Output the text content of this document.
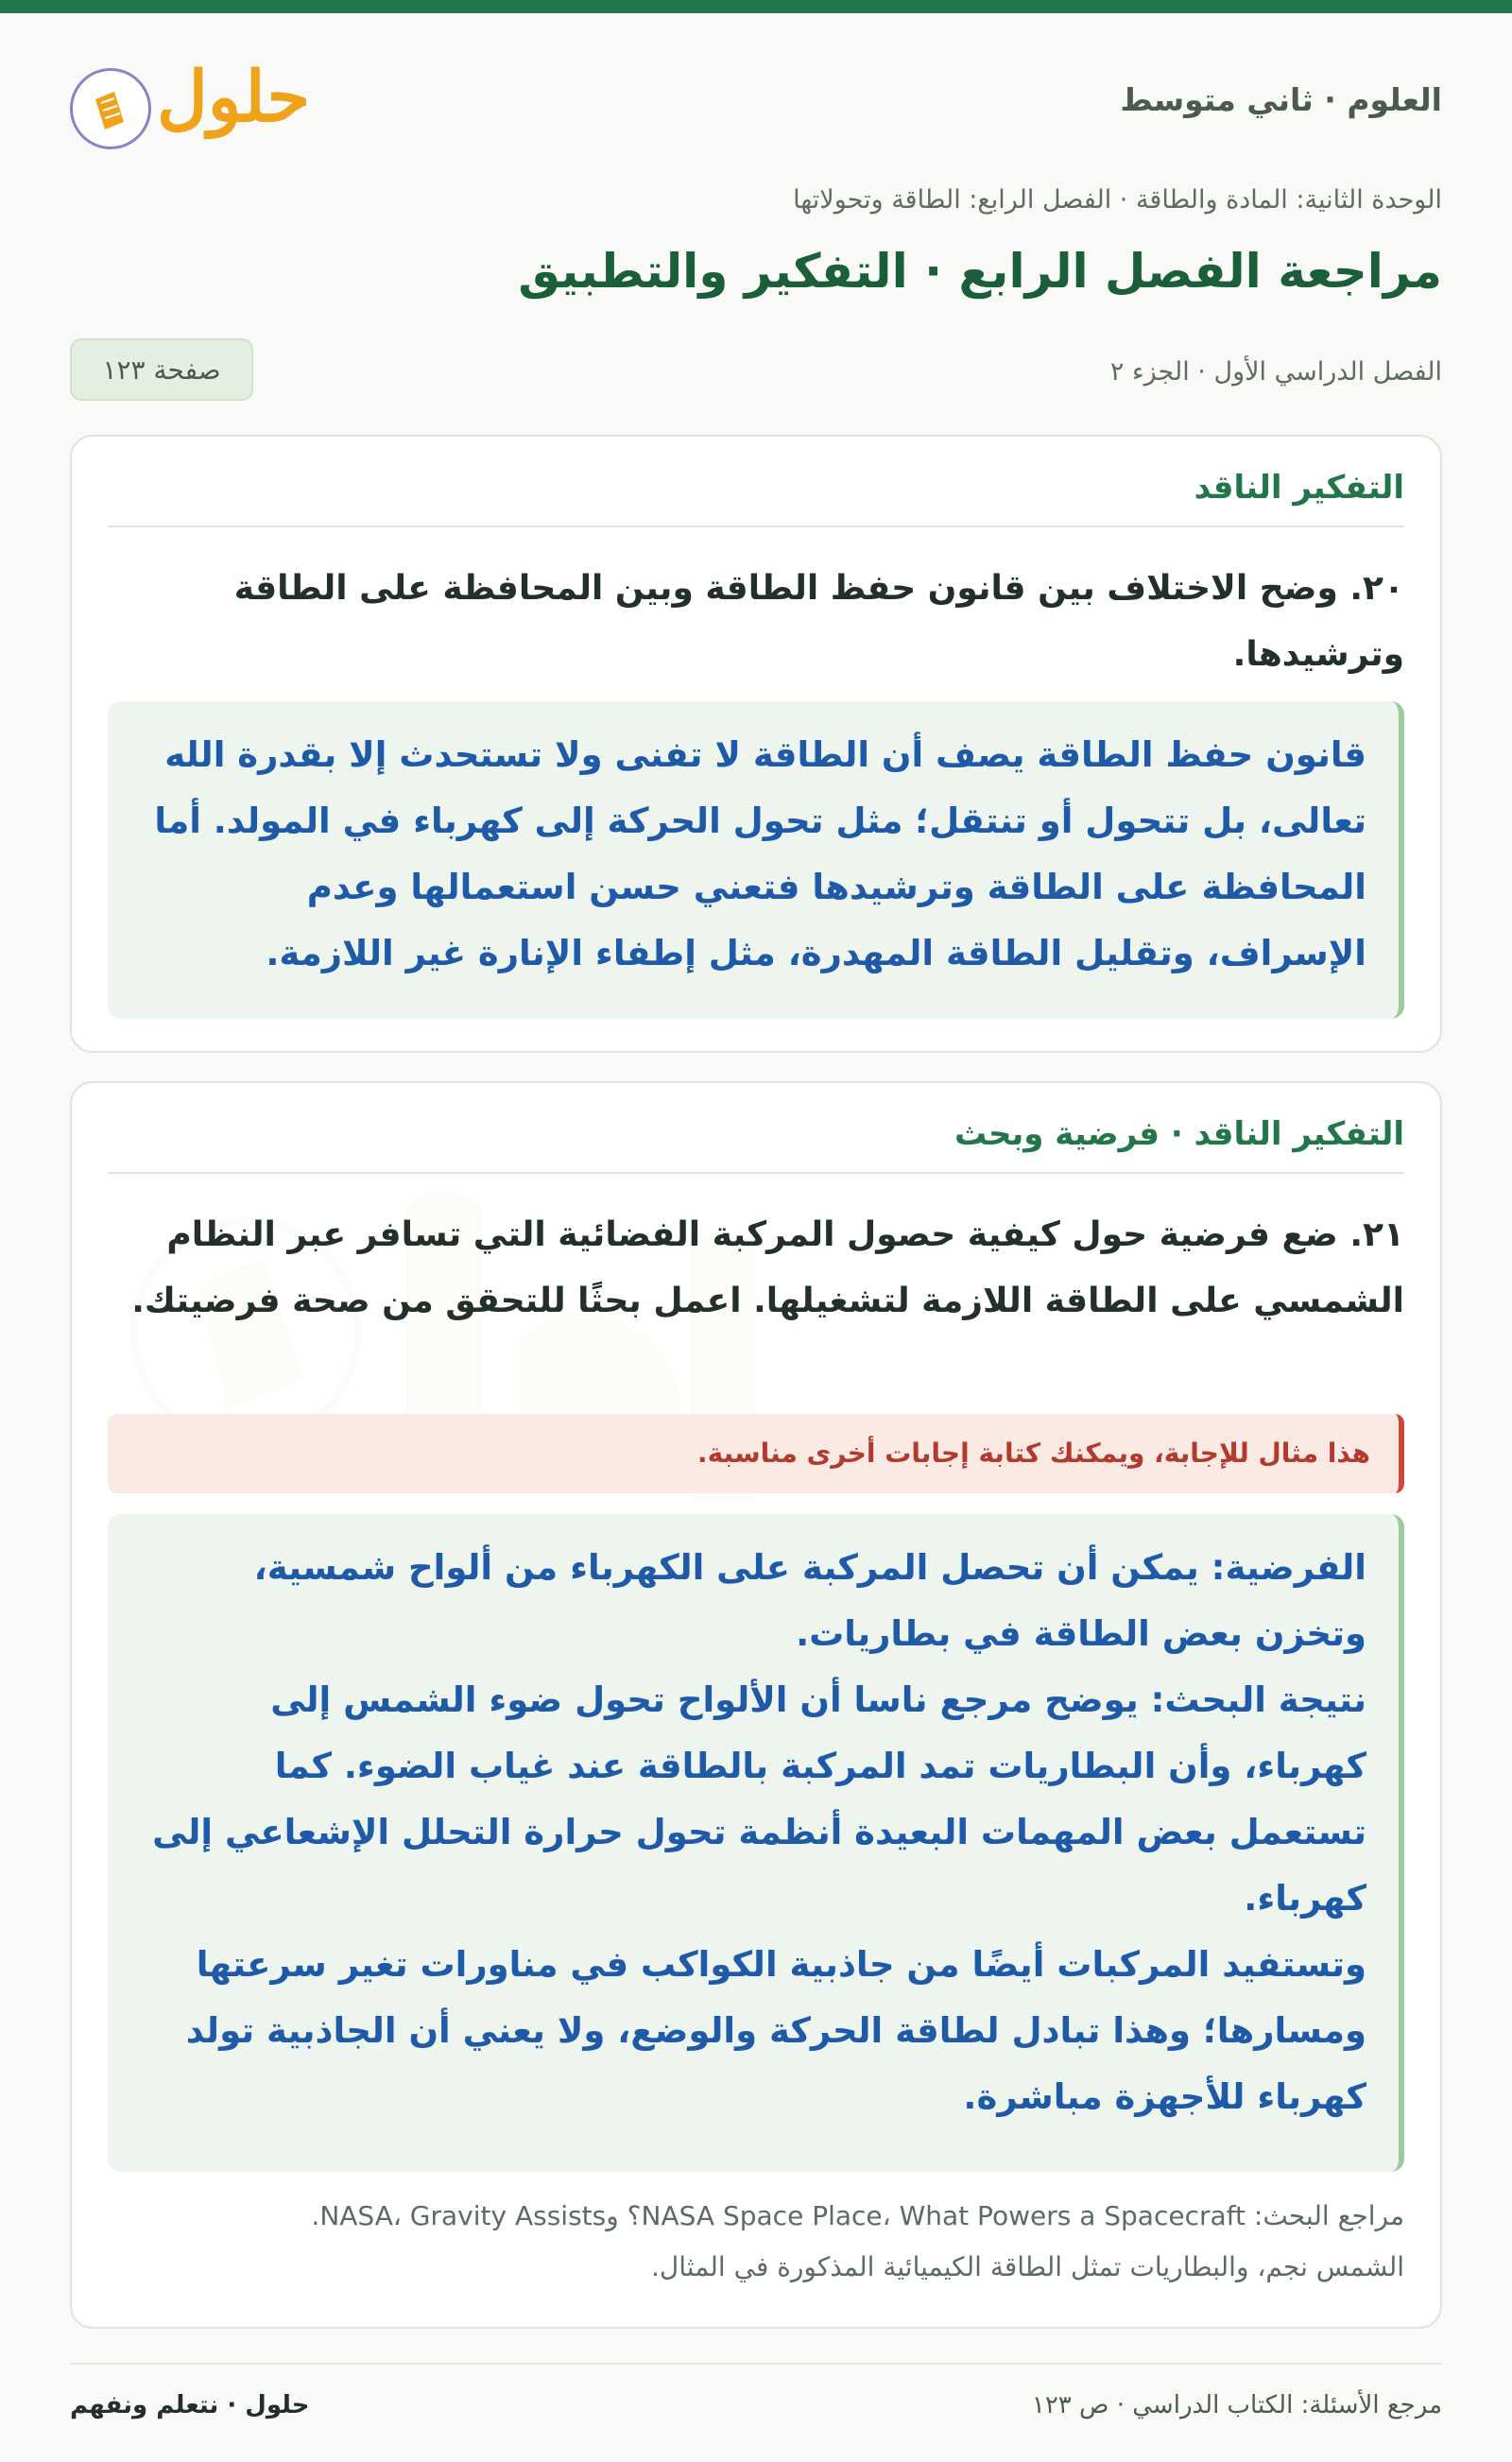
العلوم · ثاني متوسط
حلول
الوحدة الثانية: المادة والطاقة · الفصل الرابع: الطاقة وتحولاتها
مراجعة الفصل الرابع · التفكير والتطبيق
الفصل الدراسي الأول · الجزء ٢
صفحة ١٢٣
التفكير الناقد
٢٠. وضح الاختلاف بين قانون حفظ الطاقة وبين المحافظة على الطاقة وترشيدها.
قانون حفظ الطاقة يصف أن الطاقة لا تفنى ولا تستحدث إلا بقدرة الله تعالى، بل تتحول أو تنتقل؛ مثل تحول الحركة إلى كهرباء في المولد. أما المحافظة على الطاقة وترشيدها فتعني حسن استعمالها وعدم الإسراف، وتقليل الطاقة المهدرة، مثل إطفاء الإنارة غير اللازمة.
التفكير الناقد · فرضية وبحث
٢١. ضع فرضية حول كيفية حصول المركبة الفضائية التي تسافر عبر النظام الشمسي على الطاقة اللازمة لتشغيلها. اعمل بحثًا للتحقق من صحة فرضيتك.
هذا مثال للإجابة، ويمكنك كتابة إجابات أخرى مناسبة.
الفرضية: يمكن أن تحصل المركبة على الكهرباء من ألواح شمسية، وتخزن بعض الطاقة في بطاريات.
نتيجة البحث: يوضح مرجع ناسا أن الألواح تحول ضوء الشمس إلى كهرباء، وأن البطاريات تمد المركبة بالطاقة عند غياب الضوء. كما تستعمل بعض المهمات البعيدة أنظمة تحول حرارة التحلل الإشعاعي إلى كهرباء.
وتستفيد المركبات أيضًا من جاذبية الكواكب في مناورات تغير سرعتها ومسارها؛ وهذا تبادل لطاقة الحركة والوضع، ولا يعني أن الجاذبية تولد كهرباء للأجهزة مباشرة.
مراجع البحث: NASA Space Place، What Powers a Spacecraft؟ وNASA، Gravity Assists.
الشمس نجم، والبطاريات تمثل الطاقة الكيميائية المذكورة في المثال.
مرجع الأسئلة: الكتاب الدراسي · ص ١٢٣
حلول · نتعلم ونفهم
